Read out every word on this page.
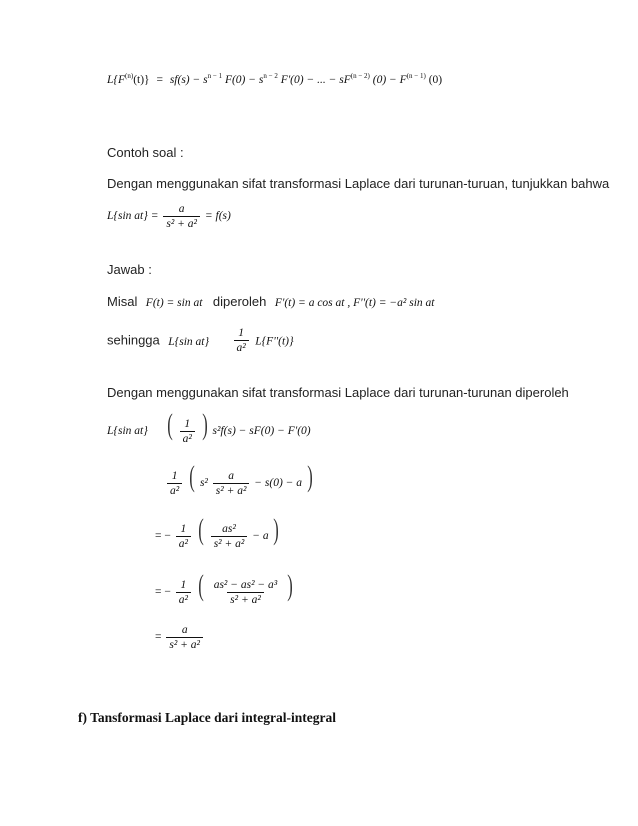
$L\{F^{(n)}(t)\} = sf(s) - s^{n - 1}$ $F(0) - s^{n - 2}$ F'(0) − ... − $sF^{(n - 2)}$ $(0) - F^{(n - 1)}$ (0)
Contoh soal :
Dengan menggunakan sifat transformasi Laplace dari turunan-turuan, tunjukkan bahwa
L{sin $at\} = \frac{a}{\text{s² + a²}} = f(s)$
Jawab :
Misal F(t) = sin at diperoleh F'(t) = a cos at , F''(t) = −a² sin at
sehingga L{sin $at\} \frac{1}{\text{a²}} L\{F''(t)\}$
Dengan menggunakan sifat transformasi Laplace dari turunan-turunan diperoleh
L{sin at} ( $\frac{1}{\text{a²}}$ ) s²f(s) − sF(0) − F'(0)
$\frac{1}{\text{a²}}$ ( $s^2 \frac{a}{\text{s² + a²}} - s(0) - a$ )
= − $\frac{1}{\text{a²}}$ ( $\frac{\text{as²}}{\text{s² + a²}} - a$ )
= − $\frac{1}{\text{a²}}$ ( $\frac{\text{as² − as² − a³}}{\text{s² + a²}}$ )
= $\frac{a}{\text{s² + a²}}$
f) Tansformasi Laplace dari integral-integral
